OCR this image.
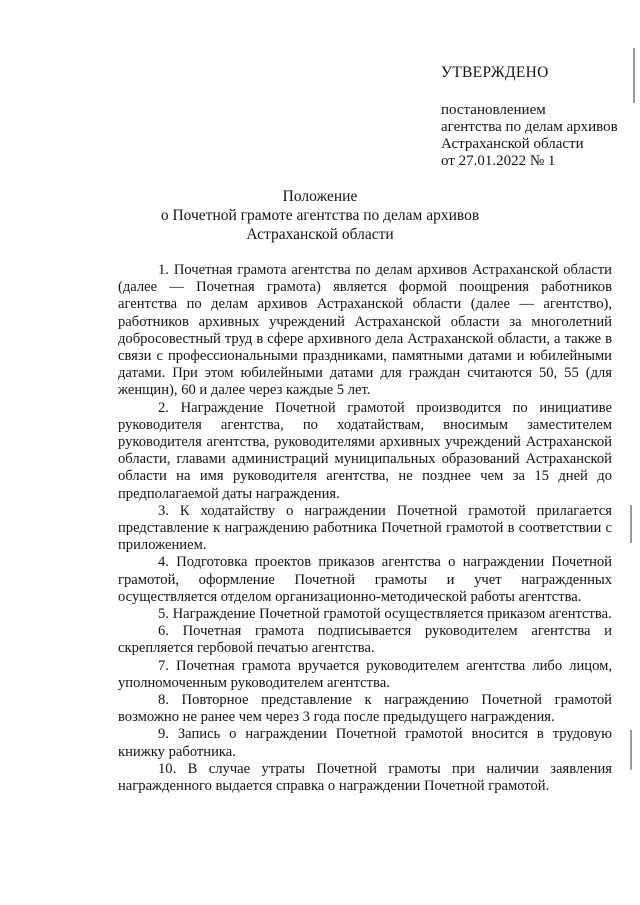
УТВЕРЖДЕНО
постановлением
агентства по делам архивов
Астраханской области
от 27.01.2022 № 1
Положение
о Почетной грамоте агентства по делам архивов
Астраханской области

1. Почетная грамота агентства по делам архивов Астраханской области (далее — Почетная грамота) является формой поощрения работников агентства по делам архивов Астраханской области (далее — агентство), работников архивных учреждений Астраханской области за многолетний добросовестный труд в сфере архивного дела Астраханской области, а также в связи с профессиональными праздниками, памятными датами и юбилейными датами. При этом юбилейными датами для граждан считаются 50, 55 (для женщин), 60 и далее через каждые 5 лет.

2. Награждение Почетной грамотой производится по инициативе руководителя агентства, по ходатайствам, вносимым заместителем руководителя агентства, руководителями архивных учреждений Астраханской области, главами администраций муниципальных образований Астраханской области на имя руководителя агентства, не позднее чем за 15 дней до предполагаемой даты награждения.

3. К ходатайству о награждении Почетной грамотой прилагается представление к награждению работника Почетной грамотой в соответствии с приложением.

4. Подготовка проектов приказов агентства о награждении Почетной грамотой, оформление Почетной грамоты и учет награжденных осуществляется отделом организационно-методической работы агентства.

5. Награждение Почетной грамотой осуществляется приказом агентства.

6. Почетная грамота подписывается руководителем агентства и скрепляется гербовой печатью агентства.

7. Почетная грамота вручается руководителем агентства либо лицом, уполномоченным руководителем агентства.

8. Повторное представление к награждению Почетной грамотой возможно не ранее чем через 3 года после предыдущего награждения.

9. Запись о награждении Почетной грамотой вносится в трудовую книжку работника.

10. В случае утраты Почетной грамоты при наличии заявления награжденного выдается справка о награждении Почетной грамотой.
